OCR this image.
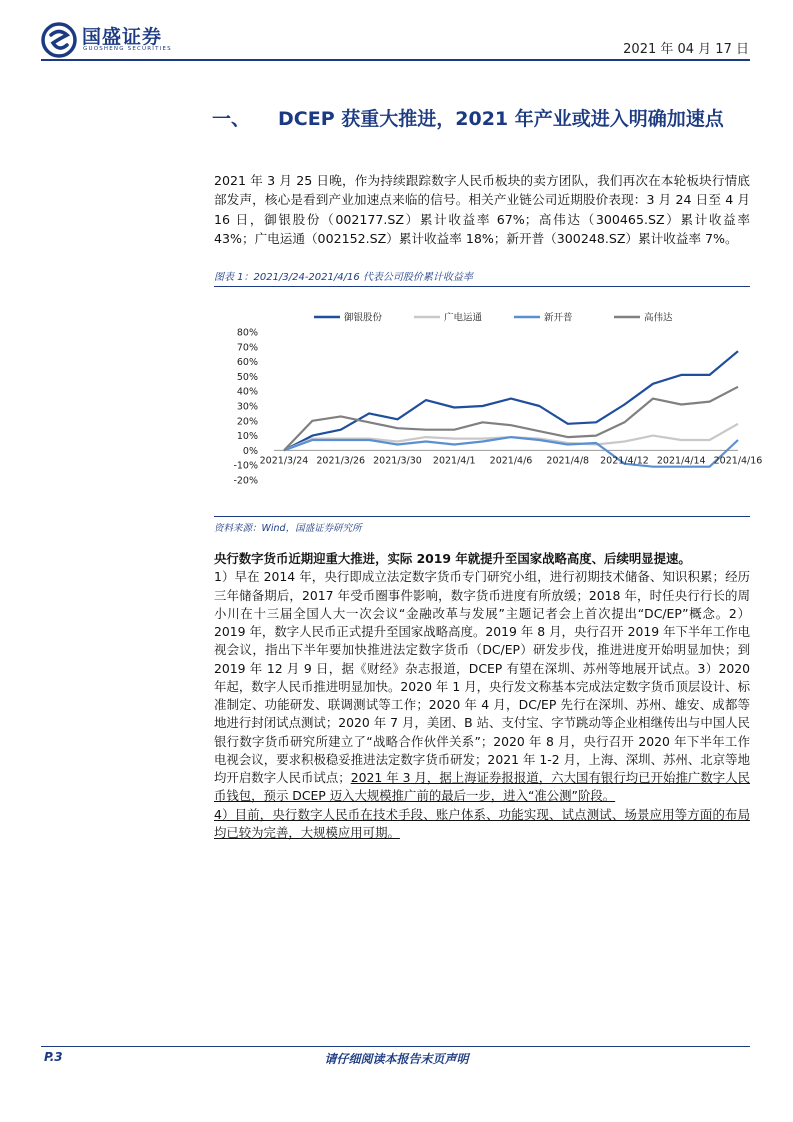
国盛证券
GUOSHENG SECURITIES	2021 年 04 月 17 日
一、 DCEP 获重大推进，2021 年产业或进入明确加速点
2021 年 3 月 25 日晚，作为持续跟踪数字人民币板块的卖方团队，我们再次在本轮板块行情底部发声，核心是看到产业加速点来临的信号。相关产业链公司近期股价表现：3 月 24 日至 4 月 16 日，御银股份（002177.SZ）累计收益率 67%；高伟达（300465.SZ）累计收益率 43%；广电运通（002152.SZ）累计收益率 18%；新开普（300248.SZ）累计收益率 7%。
图表 1：2021/3/24-2021/4/16 代表公司股价累计收益率
御银股份	广电运通	新开普	高伟达
80%
70%
60%
50%
40%
30%
20%
10%
0%
-10%
-20%
2021/3/24 2021/3/26 2021/3/30 2021/4/1 2021/4/6 2021/4/8 2021/4/12 2021/4/14 2021/4/16
资料来源：Wind，国盛证券研究所
央行数字货币近期迎重大推进，实际 2019 年就提升至国家战略高度、后续明显提速。
1）早在 2014 年，央行即成立法定数字货币专门研究小组，进行初期技术储备、知识积累；经历三年储备期后，2017 年受币圈事件影响，数字货币进度有所放缓；2018 年，时任央行行长的周小川在十三届全国人大一次会议“金融改革与发展”主题记者会上首次提出“DC/EP”概念。2）2019 年，数字人民币正式提升至国家战略高度。2019 年 8 月，央行召开 2019 年下半年工作电视会议，指出下半年要加快推进法定数字货币（DC/EP）研发步伐，推进进度开始明显加快；到 2019 年 12 月 9 日，据《财经》杂志报道，DCEP 有望在深圳、苏州等地展开试点。3）2020 年起，数字人民币推进明显加快。2020 年 1 月，央行发文称基本完成法定数字货币顶层设计、标准制定、功能研发、联调测试等工作；2020 年 4 月，DC/EP 先行在深圳、苏州、雄安、成都等地进行封闭试点测试；2020 年 7 月，美团、B 站、支付宝、字节跳动等企业相继传出与中国人民银行数字货币研究所建立了“战略合作伙伴关系”；2020 年 8 月，央行召开 2020 年下半年工作电视会议，要求积极稳妥推进法定数字货币研发；2021 年 1-2 月，上海、深圳、苏州、北京等地均开启数字人民币试点；2021 年 3 月，据上海证券报报道，六大国有银行均已开始推广数字人民币钱包，预示 DCEP 迈入大规模推广前的最后一步，进入“准公测”阶段。
4）目前，央行数字人民币在技术手段、账户体系、功能实现、试点测试、场景应用等方面的布局均已较为完善，大规模应用可期。
P.3	请仔细阅读本报告末页声明
